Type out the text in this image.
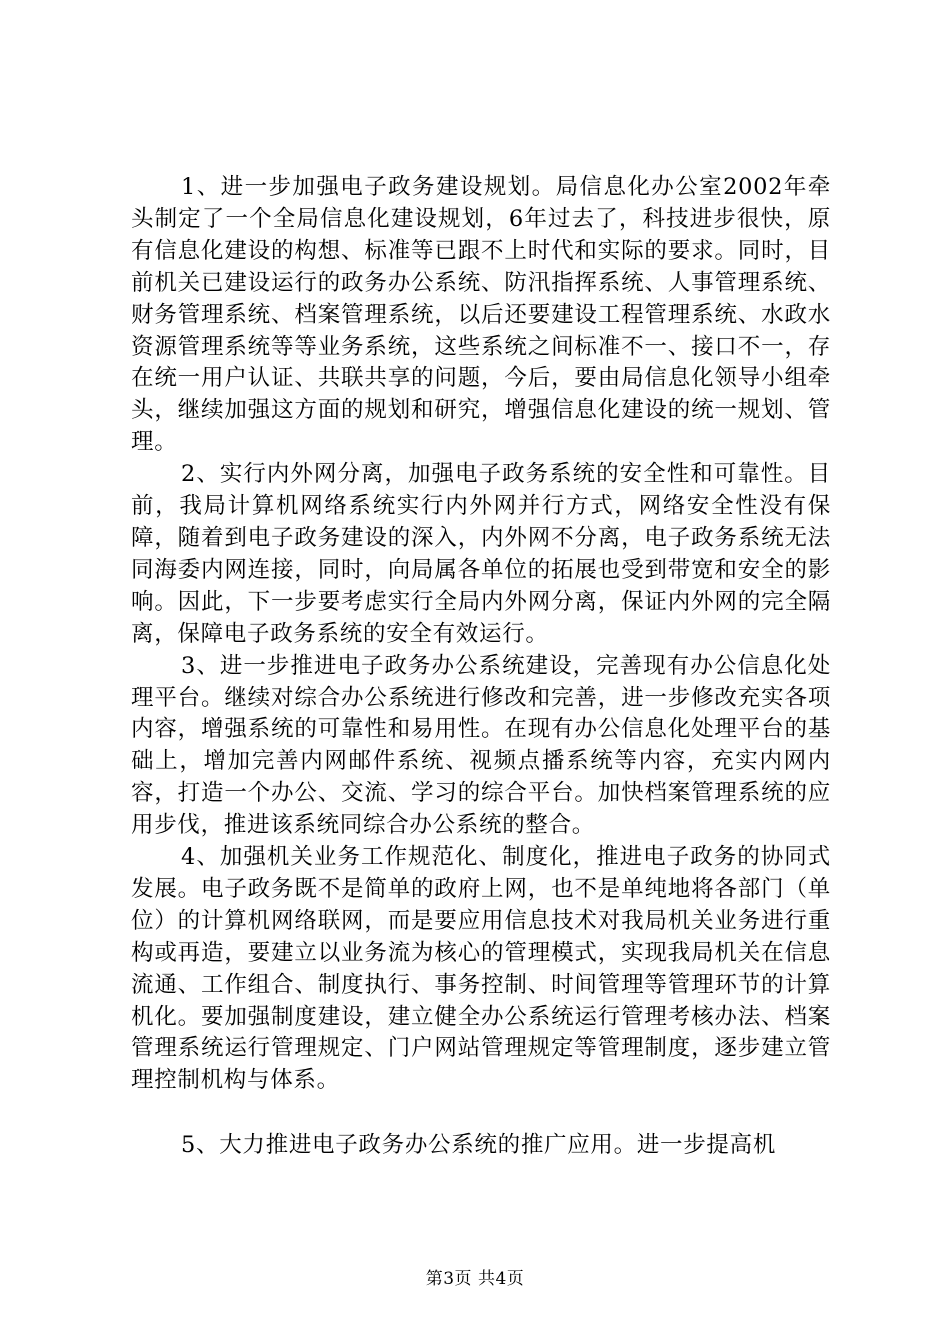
1、进一步加强电子政务建设规划。局信息化办公室2002年牵头制定了一个全局信息化建设规划，6年过去了，科技进步很快，原有信息化建设的构想、标准等已跟不上时代和实际的要求。同时，目前机关已建设运行的政务办公系统、防汛指挥系统、人事管理系统、财务管理系统、档案管理系统，以后还要建设工程管理系统、水政水资源管理系统等等业务系统，这些系统之间标准不一、接口不一，存在统一用户认证、共联共享的问题，今后，要由局信息化领导小组牵头，继续加强这方面的规划和研究，增强信息化建设的统一规划、管理。

2、实行内外网分离，加强电子政务系统的安全性和可靠性。目前，我局计算机网络系统实行内外网并行方式，网络安全性没有保障，随着到电子政务建设的深入，内外网不分离，电子政务系统无法同海委内网连接，同时，向局属各单位的拓展也受到带宽和安全的影响。因此，下一步要考虑实行全局内外网分离，保证内外网的完全隔离，保障电子政务系统的安全有效运行。

3、进一步推进电子政务办公系统建设，完善现有办公信息化处理平台。继续对综合办公系统进行修改和完善，进一步修改充实各项内容，增强系统的可靠性和易用性。在现有办公信息化处理平台的基础上，增加完善内网邮件系统、视频点播系统等内容，充实内网内容，打造一个办公、交流、学习的综合平台。加快档案管理系统的应用步伐，推进该系统同综合办公系统的整合。

4、加强机关业务工作规范化、制度化，推进电子政务的协同式发展。电子政务既不是简单的政府上网，也不是单纯地将各部门（单位）的计算机网络联网，而是要应用信息技术对我局机关业务进行重构或再造，要建立以业务流为核心的管理模式，实现我局机关在信息流通、工作组合、制度执行、事务控制、时间管理等管理环节的计算机化。要加强制度建设，建立健全办公系统运行管理考核办法、档案管理系统运行管理规定、门户网站管理规定等管理制度，逐步建立管理控制机构与体系。

5、大力推进电子政务办公系统的推广应用。进一步提高机

第3页 共4页
